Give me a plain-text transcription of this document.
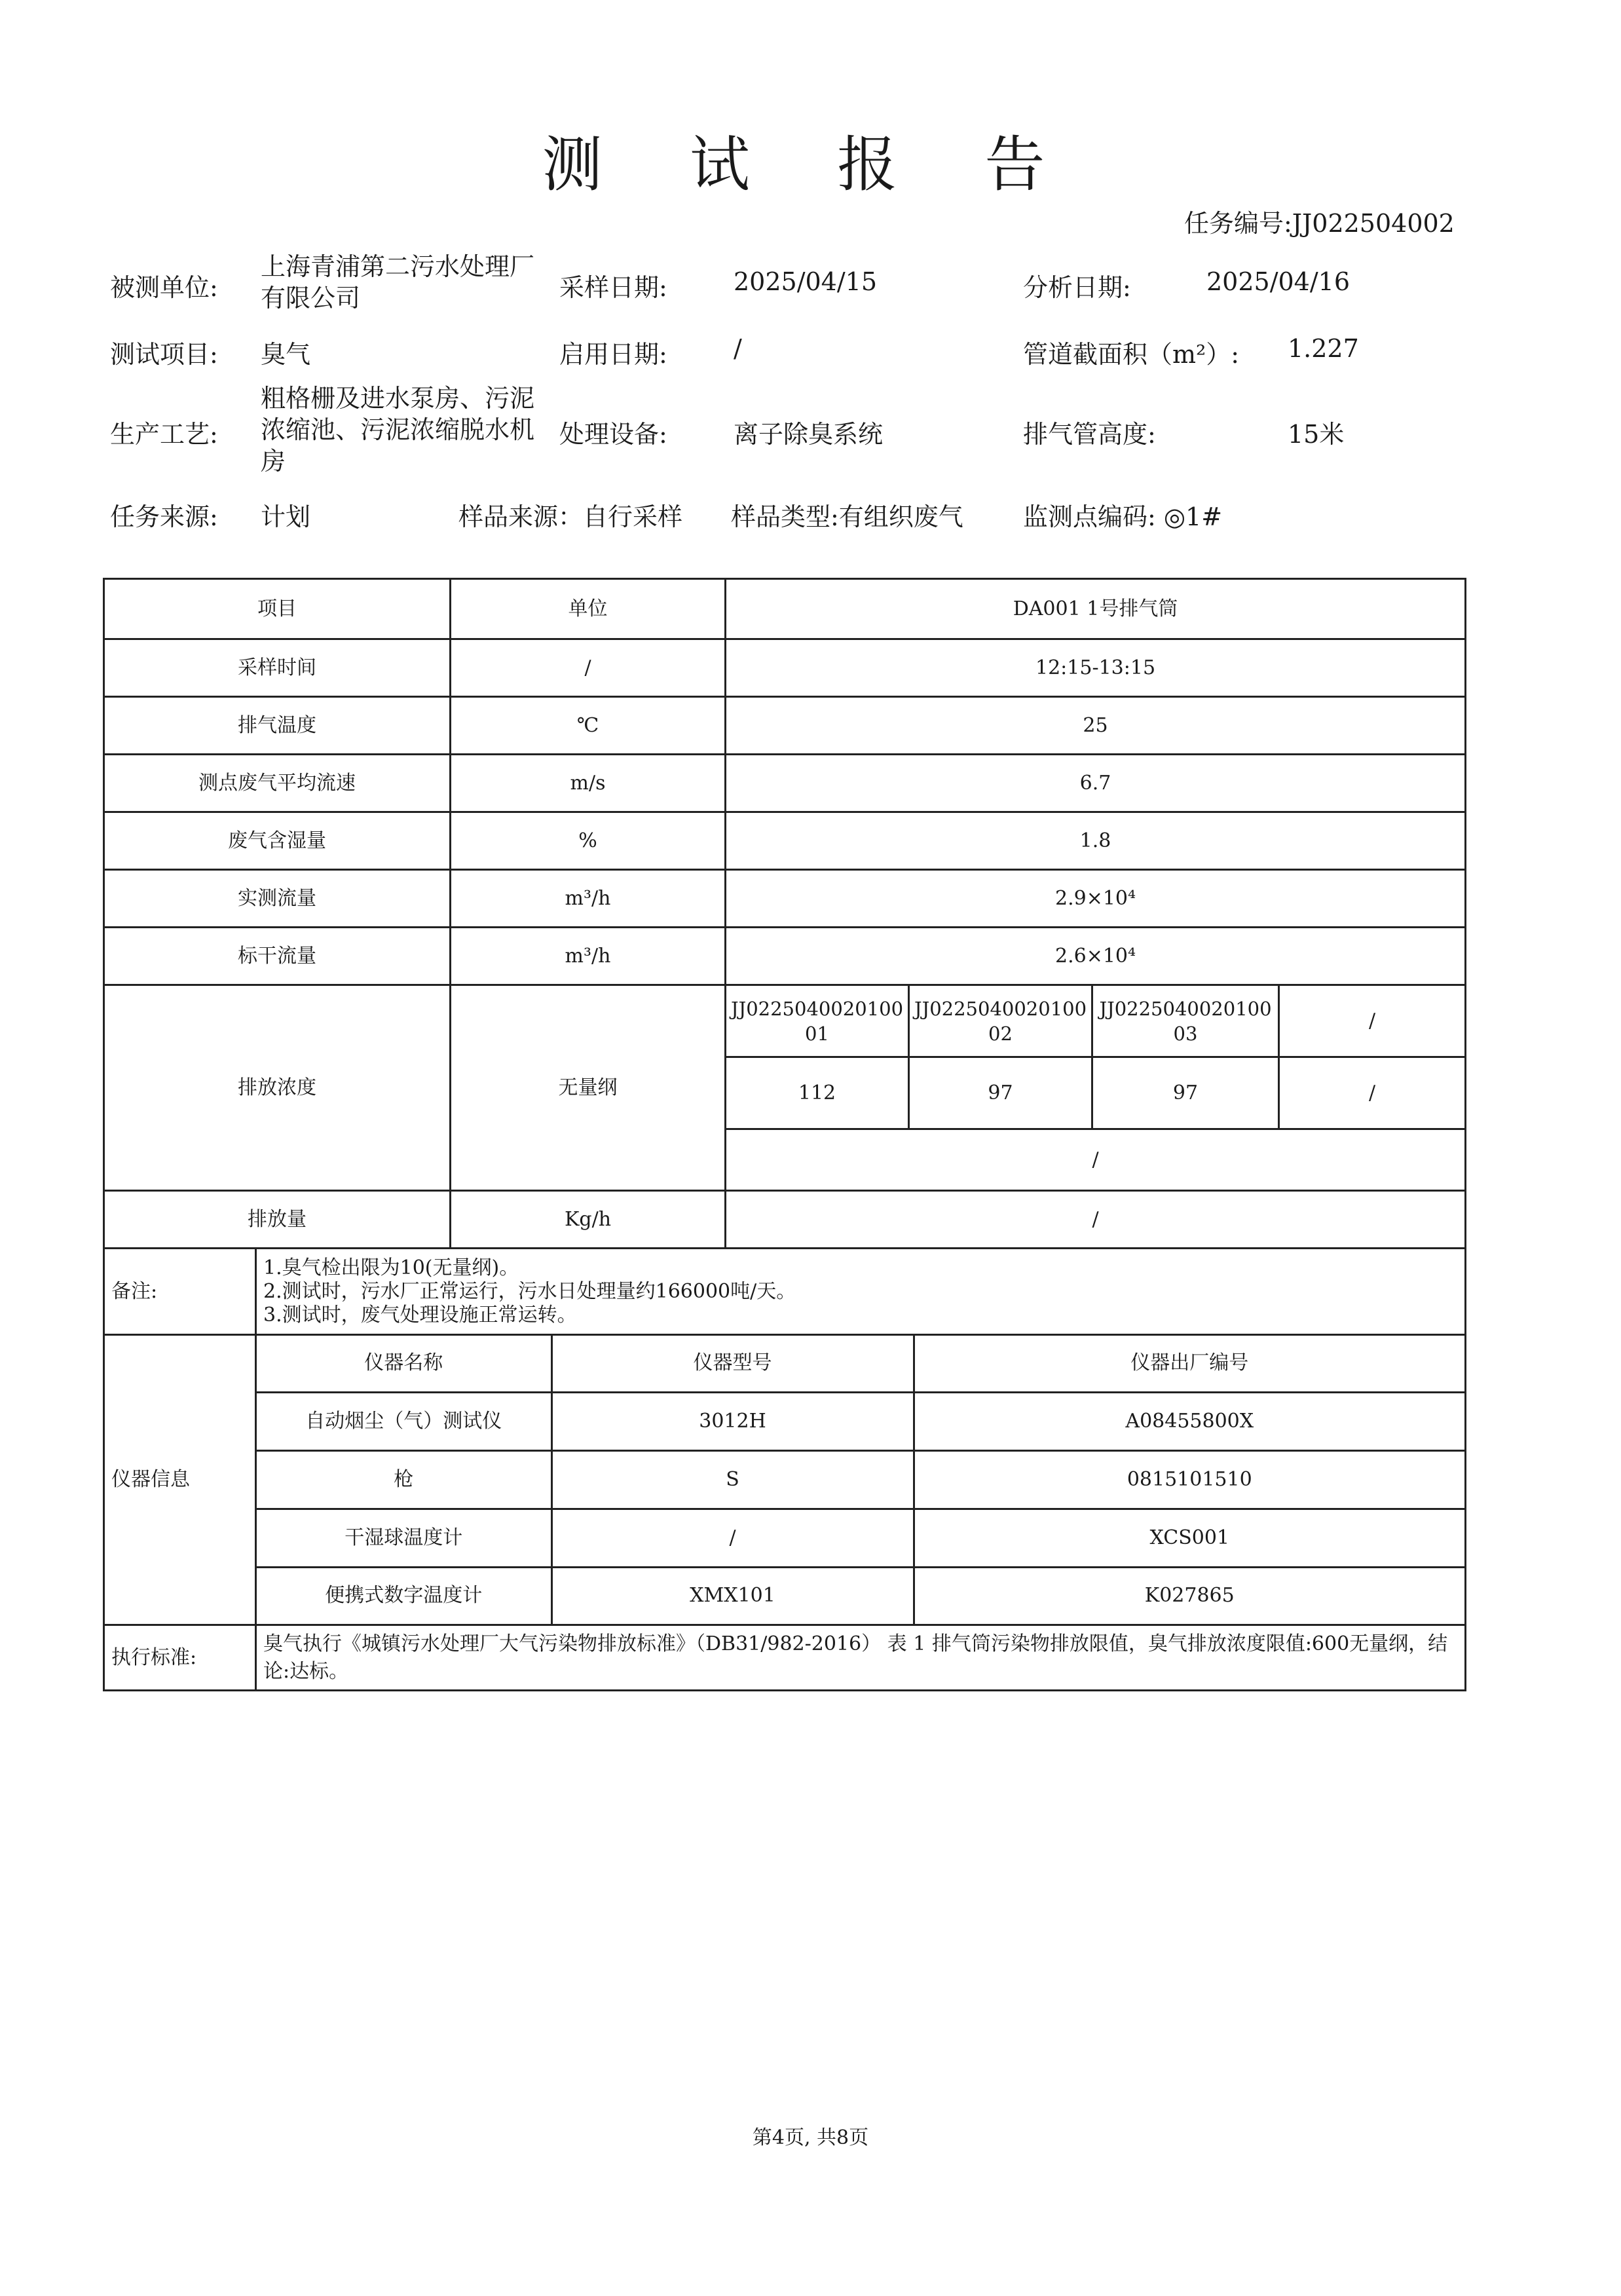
测 试 报 告
任务编号:JJ022504002
被测单位:
上海青浦第二污水处理厂有限公司	采样日期:	2025/04/15	分析日期:	2025/04/16
测试项目: 臭气	启用日期:	/	管道截面积（m²）: 1.227
生产工艺:
粗格栅及进水泵房、污泥浓缩池、污泥浓缩脱水机房
处理设备:	离子除臭系统	排气管高度:	15米
任务来源: 计划	样品来源：自行采样 样品类型:有组织废气 监测点编码: ◎1#
项目	单位	DA001 1号排气筒
采样时间	/	12:15-13:15
排气温度	℃	25
测点废气平均流速	m/s	6.7
废气含湿量	%	1.8
实测流量	m³/h	2.9×10⁴
标干流量	m³/h	2.6×10⁴
排放浓度	无量纲	JJ022504002010001	JJ022504002010002	JJ022504002010003	/
112	97	97	/
/
排放量	Kg/h	/
备注:	
1.臭气检出限为10(无量纲)。
2.测试时，污水厂正常运行，污水日处理量约166000吨/天。
3.测试时，废气处理设施正常运转。

仪器信息	
仪器名称	仪器型号	仪器出厂编号
自动烟尘（气）测试仪	3012H	A08455800X
枪	S	0815101510
干湿球温度计	/	XCS001
便携式数字温度计	XMX101	K027865

执行标准:	臭气执行《城镇污水处理厂大气污染物排放标准》（DB31/982-2016） 表 1 排气筒污染物排放限值，臭气排放浓度限值:600无量纲，结论:达标。
第4页, 共8页
